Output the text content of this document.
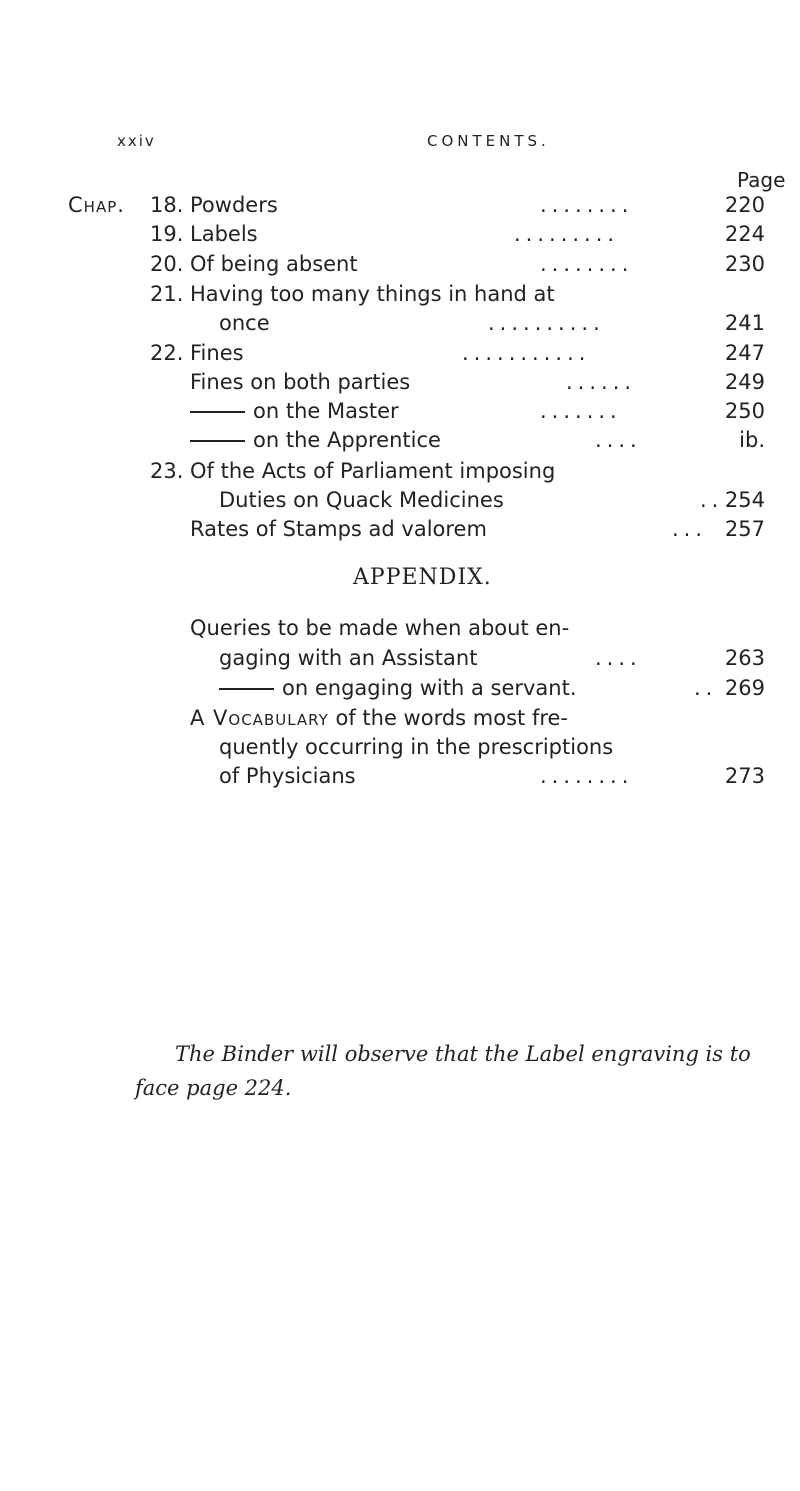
xxiv	CONTENTS.
Page
Chap. 18. Powders	........	220
19. Labels	.........	224
20. Of being absent	........	230
21. Having too many things in hand at
once	..........	241
22. Fines	...........	247
Fines on both parties	......	249
on the Master	.......	250
on the Apprentice	....	ib.
23. Of the Acts of Parliament imposing
Duties on Quack Medicines	.. 254
Rates of Stamps ad valorem	... 257
APPENDIX.
Queries to be made when about en-
gaging with an Assistant	....	263
on engaging with a servant.	.. 269
A Vocabulary of the words most fre-
quently occurring in the prescriptions
of Physicians	........	273
The Binder will observe that the Label engraving is to
face page 224.
